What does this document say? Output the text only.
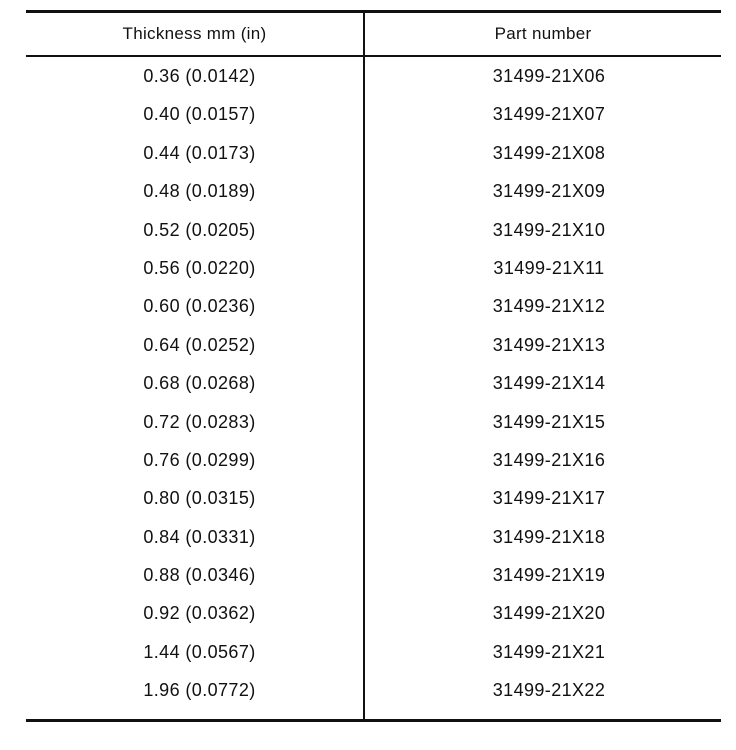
Thickness mm (in)	Part number
0.36 (0.0142)	31499-21X06
0.40 (0.0157)	31499-21X07
0.44 (0.0173)	31499-21X08
0.48 (0.0189)	31499-21X09
0.52 (0.0205)	31499-21X10
0.56 (0.0220)	31499-21X11
0.60 (0.0236)	31499-21X12
0.64 (0.0252)	31499-21X13
0.68 (0.0268)	31499-21X14
0.72 (0.0283)	31499-21X15
0.76 (0.0299)	31499-21X16
0.80 (0.0315)	31499-21X17
0.84 (0.0331)	31499-21X18
0.88 (0.0346)	31499-21X19
0.92 (0.0362)	31499-21X20
1.44 (0.0567)	31499-21X21
1.96 (0.0772)	31499-21X22
